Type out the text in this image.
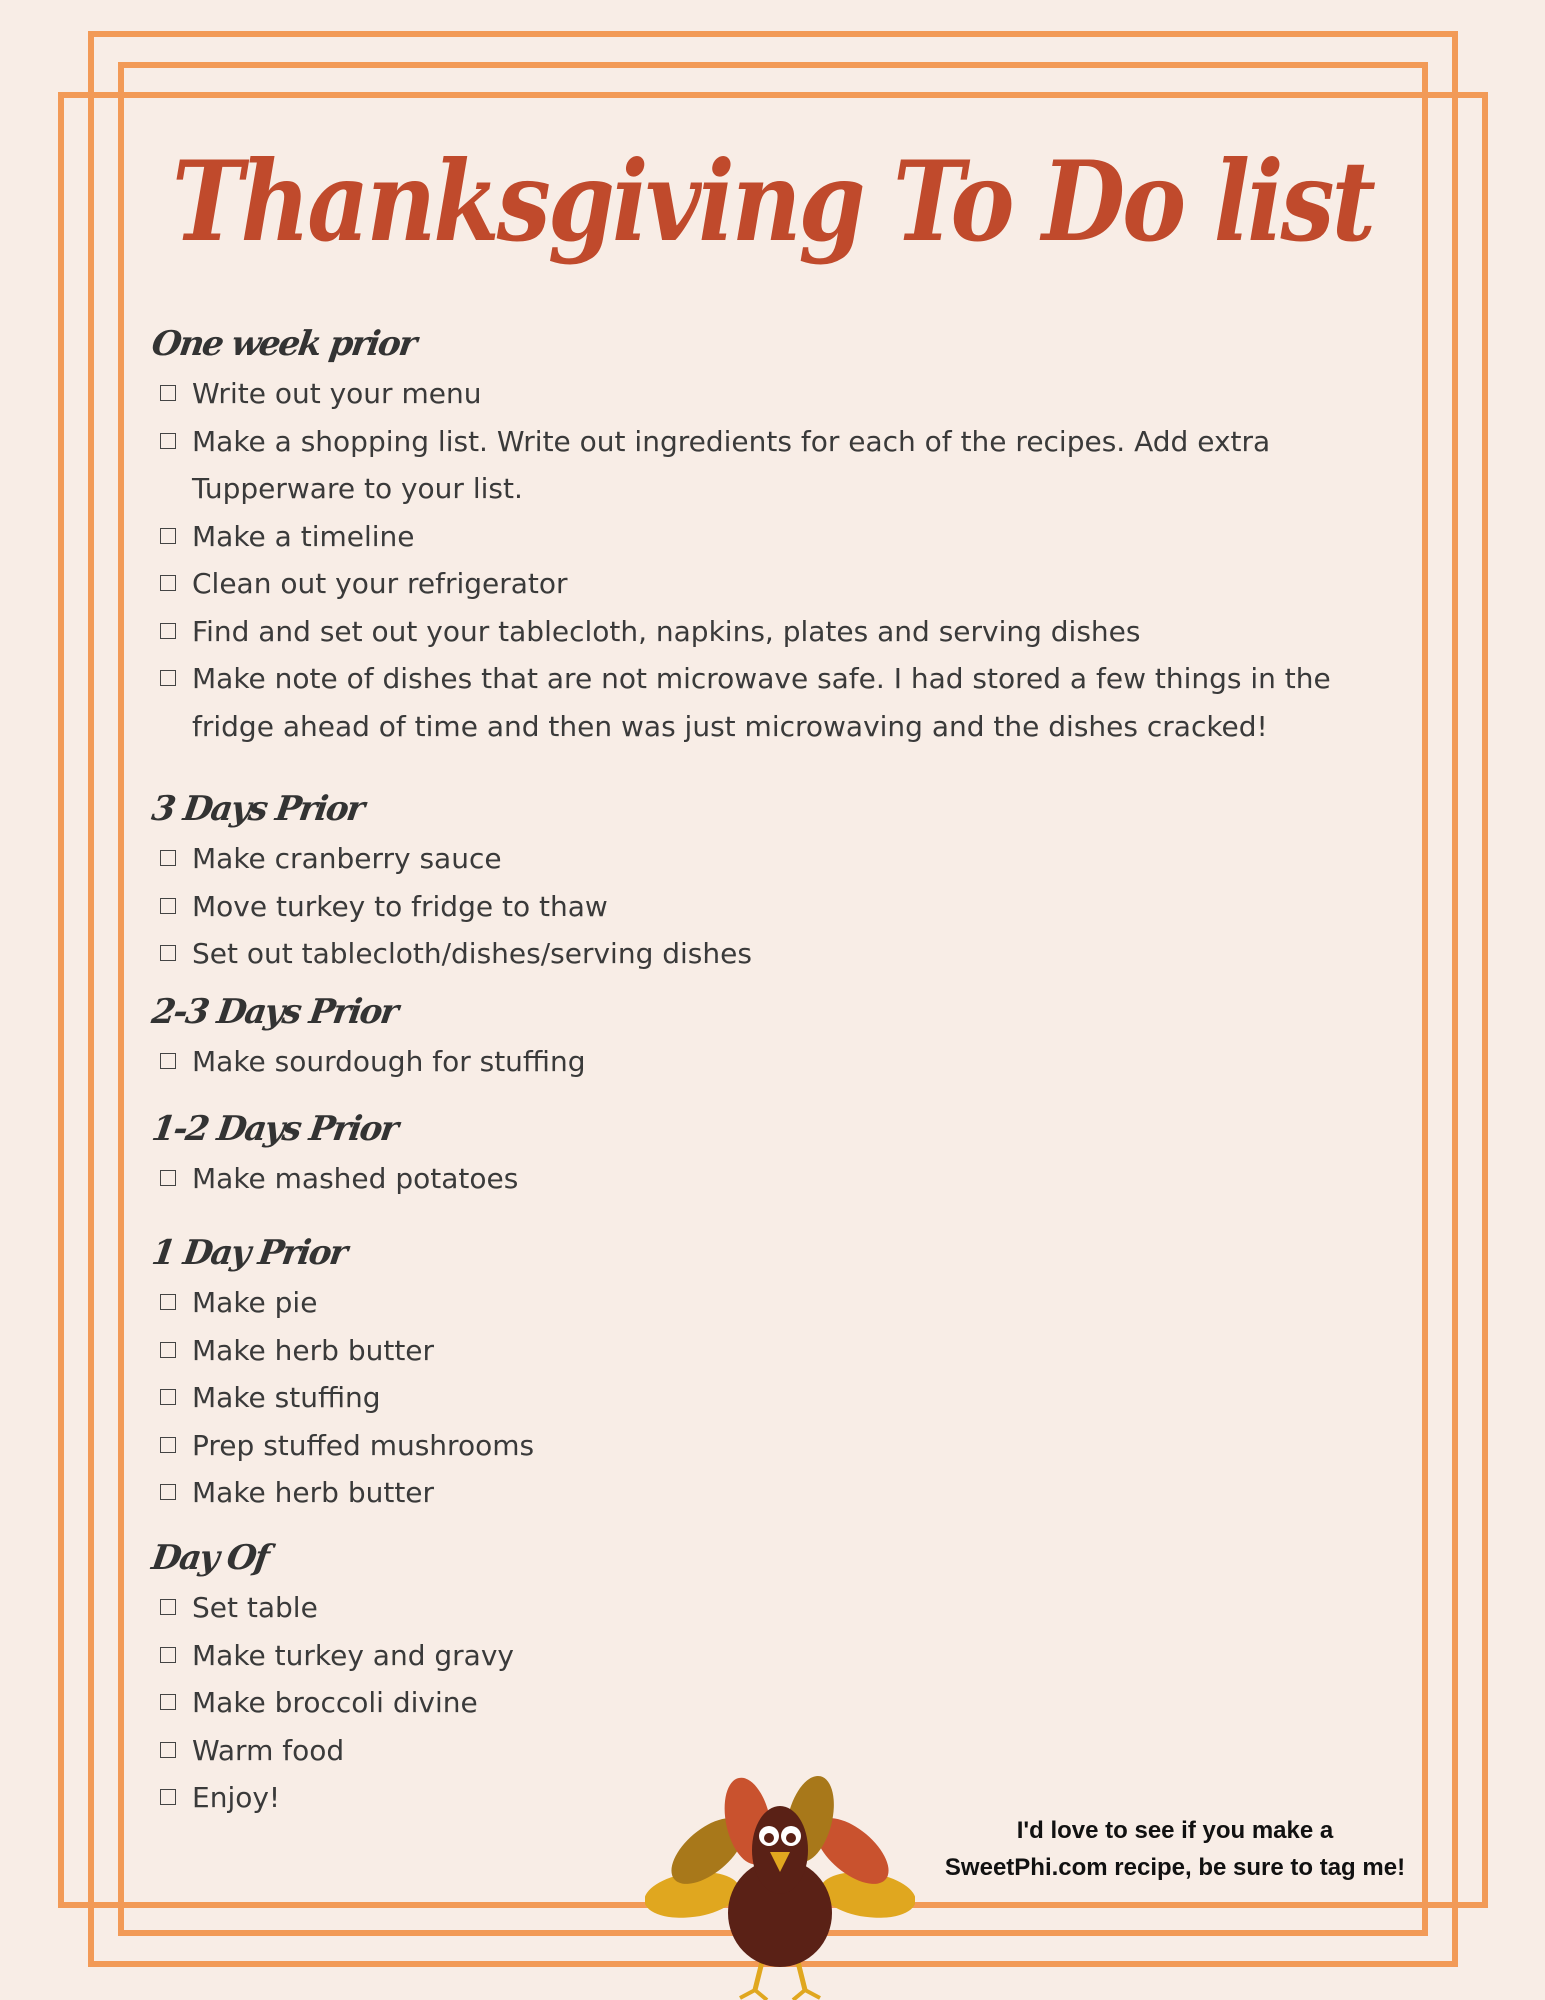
Thanksgiving To Do list
One week prior
Write out your menu
Make a shopping list. Write out ingredients for each of the recipes. Add extra Tupperware to your list.
Make a timeline
Clean out your refrigerator
Find and set out your tablecloth, napkins, plates and serving dishes
Make note of dishes that are not microwave safe. I had stored a few things in the fridge ahead of time and then was just microwaving and the dishes cracked!
3 Days Prior
Make cranberry sauce
Move turkey to fridge to thaw
Set out tablecloth/dishes/serving dishes
2-3 Days Prior
Make sourdough for stuffing
1-2 Days Prior
Make mashed potatoes
1 Day Prior
Make pie
Make herb butter
Make stuffing
Prep stuffed mushrooms
Make herb butter
Day Of
Set table
Make turkey and gravy
Make broccoli divine
Warm food
Enjoy!
I'd love to see if you make a
SweetPhi.com recipe, be sure to tag me!
